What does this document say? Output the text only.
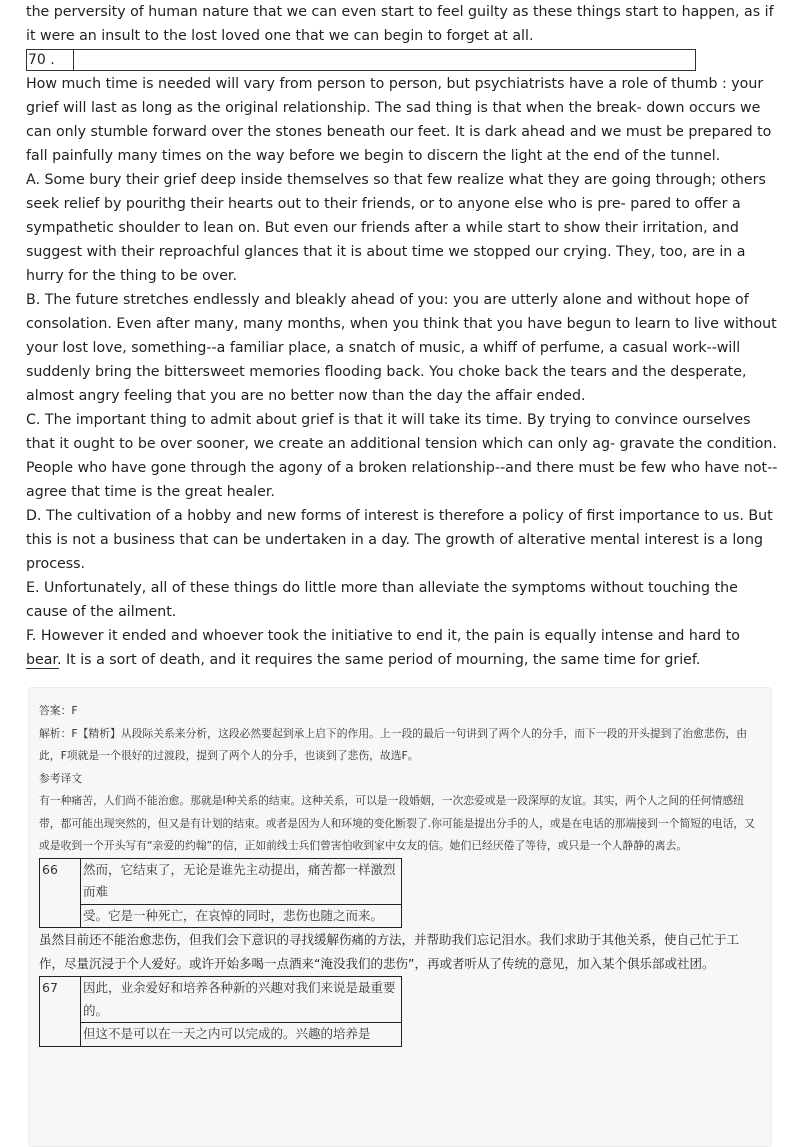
the perversity of human nature that we can even start to feel guilty as these things start to happen, as if it were an insult to the lost loved one that we can begin to forget at all.

70 .

How much time is needed will vary from person to person, but psychiatrists have a role of thumb : your grief will last as long as the original relationship. The sad thing is that when the break- down occurs we can only stumble forward over the stones beneath our feet. It is dark ahead and we must be prepared to fall painfully many times on the way before we begin to discern the light at the end of the tunnel.

A. Some bury their grief deep inside themselves so that few realize what they are going through; others seek relief by pourithg their hearts out to their friends, or to anyone else who is pre- pared to offer a sympathetic shoulder to lean on. But even our friends after a while start to show their irritation, and suggest with their reproachful glances that it is about time we stopped our crying. They, too, are in a hurry for the thing to be over.

B. The future stretches endlessly and bleakly ahead of you: you are utterly alone and without hope of consolation. Even after many, many months, when you think that you have begun to learn to live without your lost love, something--a familiar place, a snatch of music, a whiff of perfume, a casual work--will suddenly bring the bittersweet memories flooding back. You choke back the tears and the desperate, almost angry feeling that you are no better now than the day the affair ended.

C. The important thing to admit about grief is that it will take its time. By trying to convince ourselves that it ought to be over sooner, we create an additional tension which can only ag- gravate the condition. People who have gone through the agony of a broken relationship--and there must be few who have not--agree that time is the great healer.

D. The cultivation of a hobby and new forms of interest is therefore a policy of first importance to us. But this is not a business that can be undertaken in a day. The growth of alterative mental interest is a long process.

E. Unfortunately, all of these things do little more than alleviate the symptoms without touching the cause of the ailment.

F. However it ended and whoever took the initiative to end it, the pain is equally intense and hard to bear. It is a sort of death, and it requires the same period of mourning, the same time for grief.

答案：F

解析：F【精析】从段际关系来分析，这段必然要起到承上启下的作用。上一段的最后一句讲到了两个人的分手，而下一段的开头提到了治愈悲伤，由此，F项就是一个很好的过渡段，提到了两个人的分手，也谈到了悲伤，故选F。

参考译文

有一种痛苦，人们尚不能治愈。那就是I种关系的结束。这种关系，可以是一段婚姻，一次恋爱或是一段深厚的友谊。其实，两个人之间的任何情感纽带，都可能出现突然的，但又是有计划的结束。或者是因为人和环境的变化断裂了.你可能是提出分手的人，或是在电话的那端接到一个简短的电话，又或是收到一个开头写有“亲爱的约翰”的信，正如前线士兵们曾害怕收到家中女友的信。她们已经厌倦了等待，或只是一个人静静的离去。

66	然而，它结束了，无论是谁先主动提出，痛苦都一样激烈而难
受。它是一种死亡，在哀悼的同时，悲伤也随之而来。

虽然目前还不能治愈悲伤，但我们会下意识的寻找缓解伤痛的方法，并帮助我们忘记泪水。我们求助于其他关系，使自己忙于工作，尽量沉浸于个人爱好。或许开始多喝一点酒来“淹没我们的悲伤”，再或者听从了传统的意见，加入某个俱乐部或社团。

67	因此，业余爱好和培养各种新的兴趣对我们来说是最重要的。
但这不是可以在一天之内可以完成的。兴趣的培养是
